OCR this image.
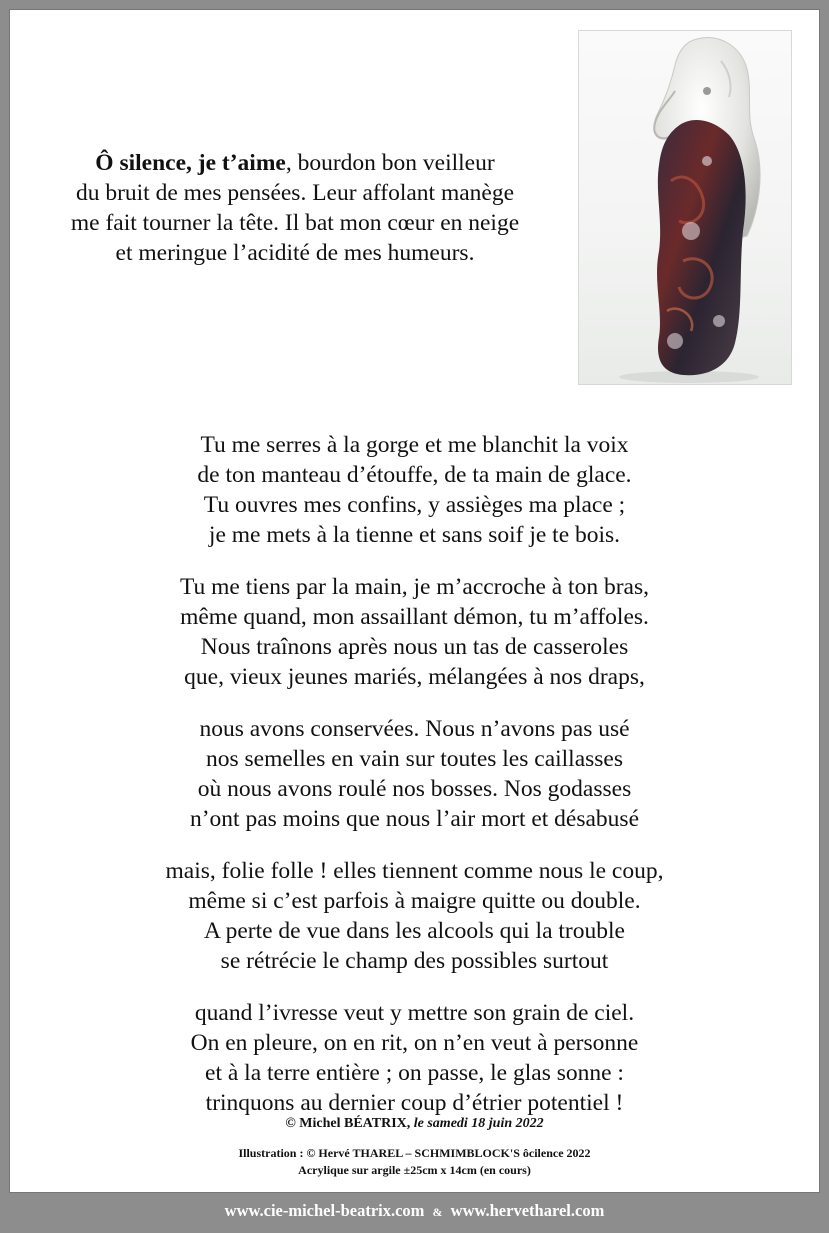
Ô silence, je t’aime, bourdon bon veilleur
du bruit de mes pensées. Leur affolant manège
me fait tourner la tête. Il bat mon cœur en neige
et meringue l’acidité de mes humeurs.
Tu me serres à la gorge et me blanchit la voix
de ton manteau d’étouffe, de ta main de glace.
Tu ouvres mes confins, y assièges ma place ;
je me mets à la tienne et sans soif je te bois.
Tu me tiens par la main, je m’accroche à ton bras,
même quand, mon assaillant démon, tu m’affoles.
Nous traînons après nous un tas de casseroles
que, vieux jeunes mariés, mélangées à nos draps,
nous avons conservées. Nous n’avons pas usé
nos semelles en vain sur toutes les caillasses
où nous avons roulé nos bosses. Nos godasses
n’ont pas moins que nous l’air mort et désabusé
mais, folie folle ! elles tiennent comme nous le coup,
même si c’est parfois à maigre quitte ou double.
A perte de vue dans les alcools qui la trouble
se rétrécie le champ des possibles surtout
quand l’ivresse veut y mettre son grain de ciel.
On en pleure, on en rit, on n’en veut à personne
et à la terre entière ; on passe, le glas sonne :
trinquons au dernier coup d’étrier potentiel !
© Michel BÉATRIX, le samedi 18 juin 2022
Illustration : © Hervé THAREL – SCHMIMBLOCK'S ôcilence 2022
Acrylique sur argile ±25cm x 14cm (en cours)
www.cie-michel-beatrix.com & www.hervetharel.com
